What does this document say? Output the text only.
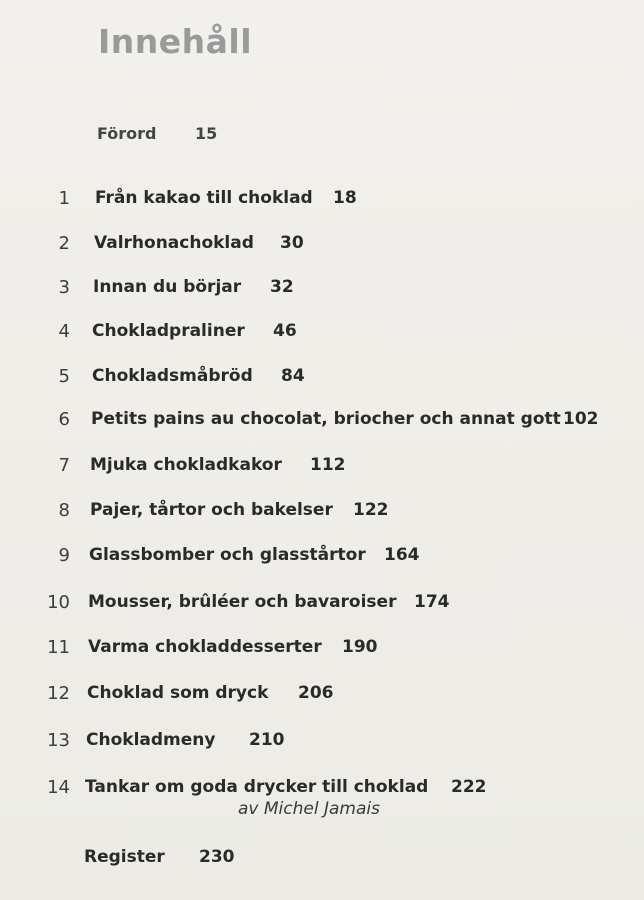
Innehåll
Förord 15
1 Från kakao till choklad 18
2 Valrhonachoklad 30
3 Innan du börjar 32
4 Chokladpraliner 46
5 Chokladsmåbröd 84
6 Petits pains au chocolat, briocher och annat gott 102
7 Mjuka chokladkakor 112
8 Pajer, tårtor och bakelser 122
9 Glassbomber och glasstårtor 164
10 Mousser, brûléer och bavaroiser 174
11 Varma chokladdesserter 190
12 Choklad som dryck 206
13 Chokladmeny 210
14 Tankar om goda drycker till choklad 222
av Michel Jamais
Register 230
